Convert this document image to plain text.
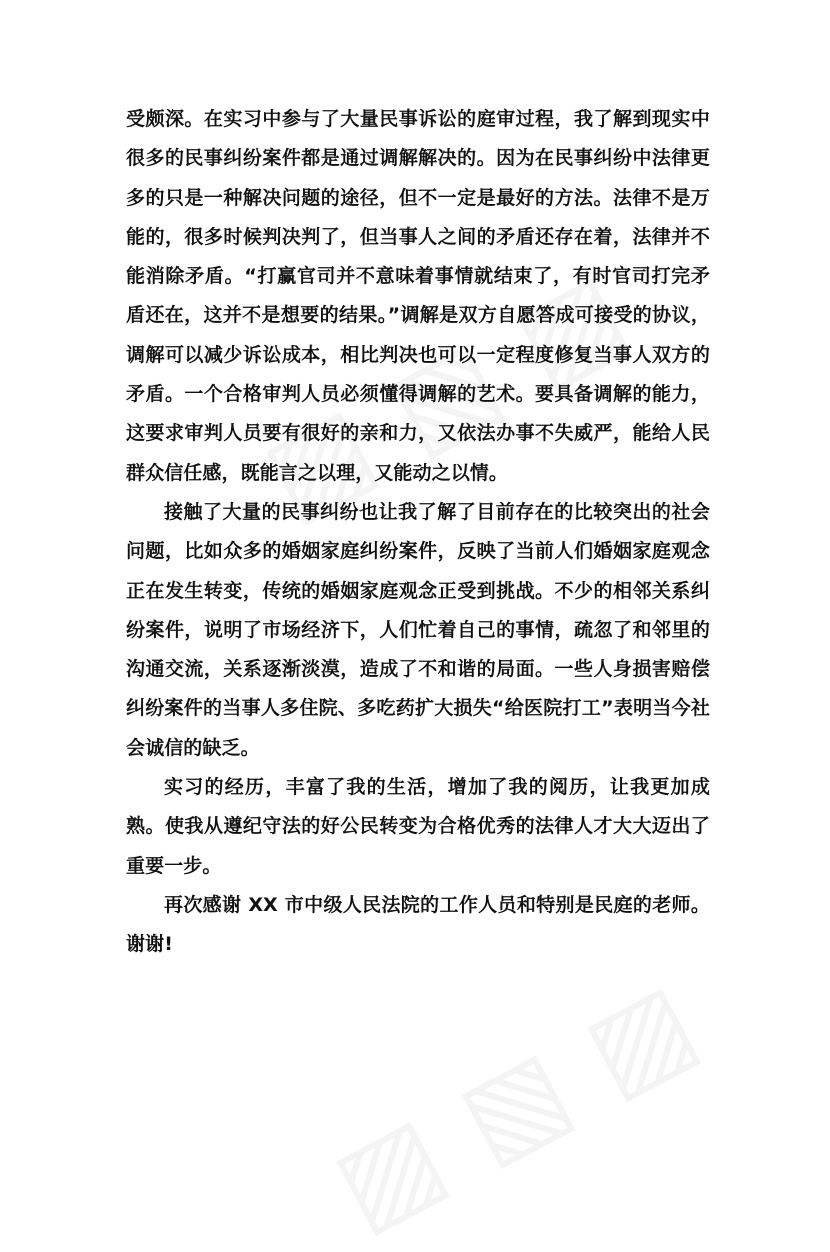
受颇深。在实习中参与了大量民事诉讼的庭审过程，我了解到现实中很多的民事纠纷案件都是通过调解解决的。因为在民事纠纷中法律更多的只是一种解决问题的途径，但不一定是最好的方法。法律不是万能的，很多时候判决判了，但当事人之间的矛盾还存在着，法律并不能消除矛盾。“打赢官司并不意味着事情就结束了，有时官司打完矛盾还在，这并不是想要的结果。”调解是双方自愿答成可接受的协议，调解可以减少诉讼成本，相比判决也可以一定程度修复当事人双方的矛盾。一个合格审判人员必须懂得调解的艺术。要具备调解的能力，这要求审判人员要有很好的亲和力，又依法办事不失威严，能给人民群众信任感，既能言之以理，又能动之以情。

接触了大量的民事纠纷也让我了解了目前存在的比较突出的社会问题，比如众多的婚姻家庭纠纷案件，反映了当前人们婚姻家庭观念正在发生转变，传统的婚姻家庭观念正受到挑战。不少的相邻关系纠纷案件，说明了市场经济下，人们忙着自己的事情，疏忽了和邻里的沟通交流，关系逐渐淡漠，造成了不和谐的局面。一些人身损害赔偿纠纷案件的当事人多住院、多吃药扩大损失“给医院打工”表明当今社会诚信的缺乏。

实习的经历，丰富了我的生活，增加了我的阅历，让我更加成熟。使我从遵纪守法的好公民转变为合格优秀的法律人才大大迈出了重要一步。

再次感谢 XX 市中级人民法院的工作人员和特别是民庭的老师。谢谢!
